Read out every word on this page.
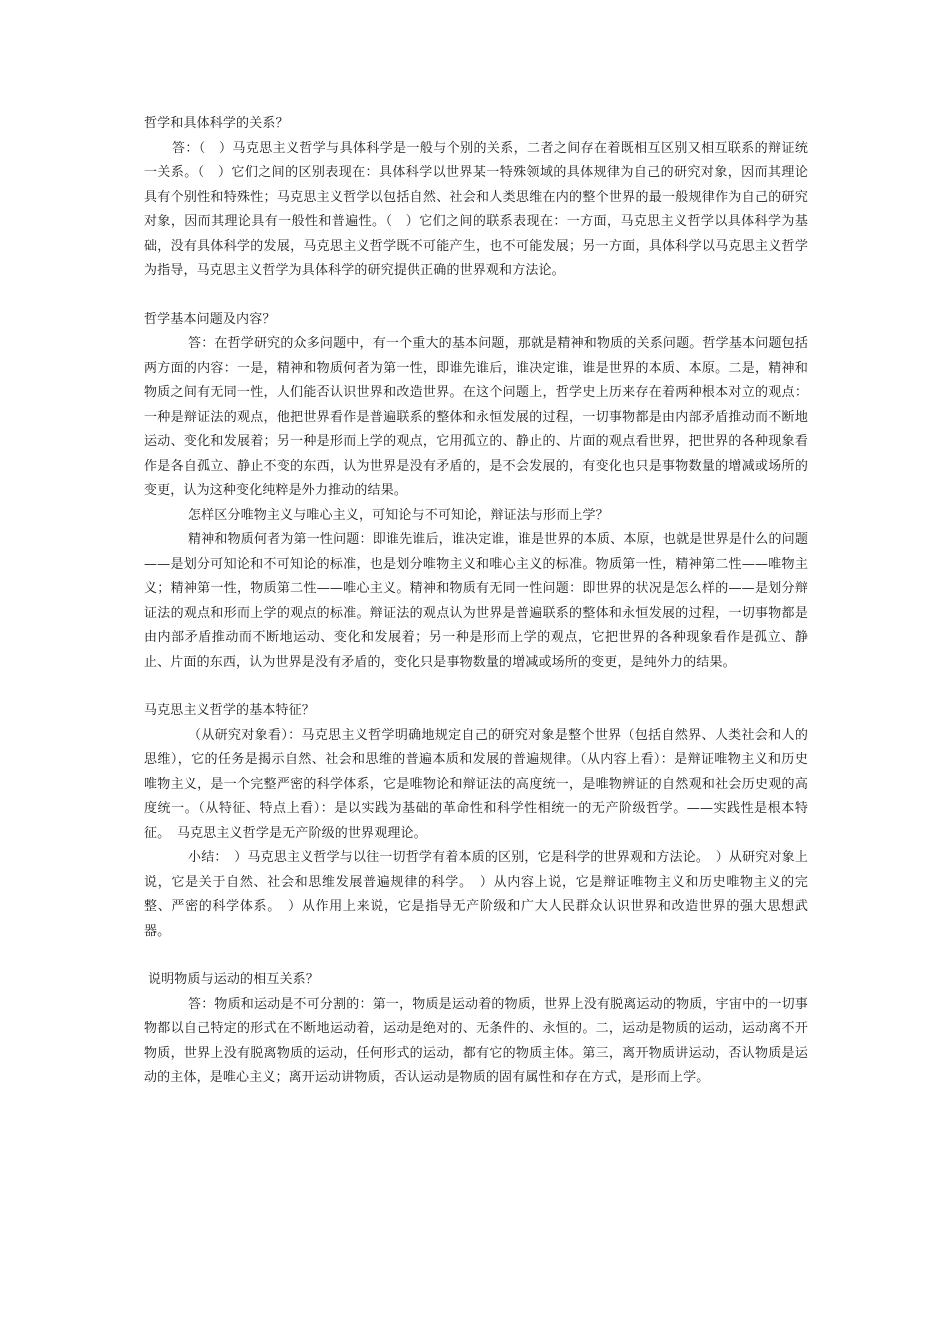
哲学和具体科学的关系？

答：（　）马克思主义哲学与具体科学是一般与个别的关系，二者之间存在着既相互区别又相互联系的辩证统一关系。（　）它们之间的区别表现在：具体科学以世界某一特殊领域的具体规律为自己的研究对象，因而其理论具有个别性和特殊性；马克思主义哲学以包括自然、社会和人类思维在内的整个世界的最一般规律作为自己的研究对象，因而其理论具有一般性和普遍性。（　）它们之间的联系表现在：一方面，马克思主义哲学以具体科学为基础，没有具体科学的发展，马克思主义哲学既不可能产生，也不可能发展；另一方面，具体科学以马克思主义哲学为指导，马克思主义哲学为具体科学的研究提供正确的世界观和方法论。

哲学基本问题及内容？

答：在哲学研究的众多问题中，有一个重大的基本问题，那就是精神和物质的关系问题。哲学基本问题包括两方面的内容：一是，精神和物质何者为第一性，即谁先谁后，谁决定谁，谁是世界的本质、本原。二是，精神和物质之间有无同一性，人们能否认识世界和改造世界。在这个问题上，哲学史上历来存在着两种根本对立的观点：一种是辩证法的观点，他把世界看作是普遍联系的整体和永恒发展的过程，一切事物都是由内部矛盾推动而不断地运动、变化和发展着；另一种是形而上学的观点，它用孤立的、静止的、片面的观点看世界，把世界的各种现象看作是各自孤立、静止不变的东西，认为世界是没有矛盾的，是不会发展的，有变化也只是事物数量的增减或场所的变更，认为这种变化纯粹是外力推动的结果。

怎样区分唯物主义与唯心主义，可知论与不可知论，辩证法与形而上学？

精神和物质何者为第一性问题：即谁先谁后，谁决定谁，谁是世界的本质、本原，也就是世界是什么的问题——是划分可知论和不可知论的标准，也是划分唯物主义和唯心主义的标准。物质第一性，精神第二性——唯物主义；精神第一性，物质第二性——唯心主义。精神和物质有无同一性问题：即世界的状况是怎么样的——是划分辩证法的观点和形而上学的观点的标准。辩证法的观点认为世界是普遍联系的整体和永恒发展的过程，一切事物都是由内部矛盾推动而不断地运动、变化和发展着；另一种是形而上学的观点，它把世界的各种现象看作是孤立、静止、片面的东西，认为世界是没有矛盾的，变化只是事物数量的增减或场所的变更，是纯外力的结果。

马克思主义哲学的基本特征？

（从研究对象看）：马克思主义哲学明确地规定自己的研究对象是整个世界（包括自然界、人类社会和人的思维），它的任务是揭示自然、社会和思维的普遍本质和发展的普遍规律。（从内容上看）：是辩证唯物主义和历史唯物主义，是一个完整严密的科学体系，它是唯物论和辩证法的高度统一，是唯物辨证的自然观和社会历史观的高度统一。（从特征、特点上看）：是以实践为基础的革命性和科学性相统一的无产阶级哲学。——实践性是根本特征。　马克思主义哲学是无产阶级的世界观理论。

小结：　）马克思主义哲学与以往一切哲学有着本质的区别，它是科学的世界观和方法论。　）从研究对象上说，它是关于自然、社会和思维发展普遍规律的科学。　）从内容上说，它是辩证唯物主义和历史唯物主义的完整、严密的科学体系。　）从作用上来说，它是指导无产阶级和广大人民群众认识世界和改造世界的强大思想武器。

说明物质与运动的相互关系？

答：物质和运动是不可分割的：第一，物质是运动着的物质，世界上没有脱离运动的物质，宇宙中的一切事物都以自己特定的形式在不断地运动着，运动是绝对的、无条件的、永恒的。二，运动是物质的运动，运动离不开物质，世界上没有脱离物质的运动，任何形式的运动，都有它的物质主体。第三，离开物质讲运动，否认物质是运动的主体，是唯心主义；离开运动讲物质，否认运动是物质的固有属性和存在方式，是形而上学。
